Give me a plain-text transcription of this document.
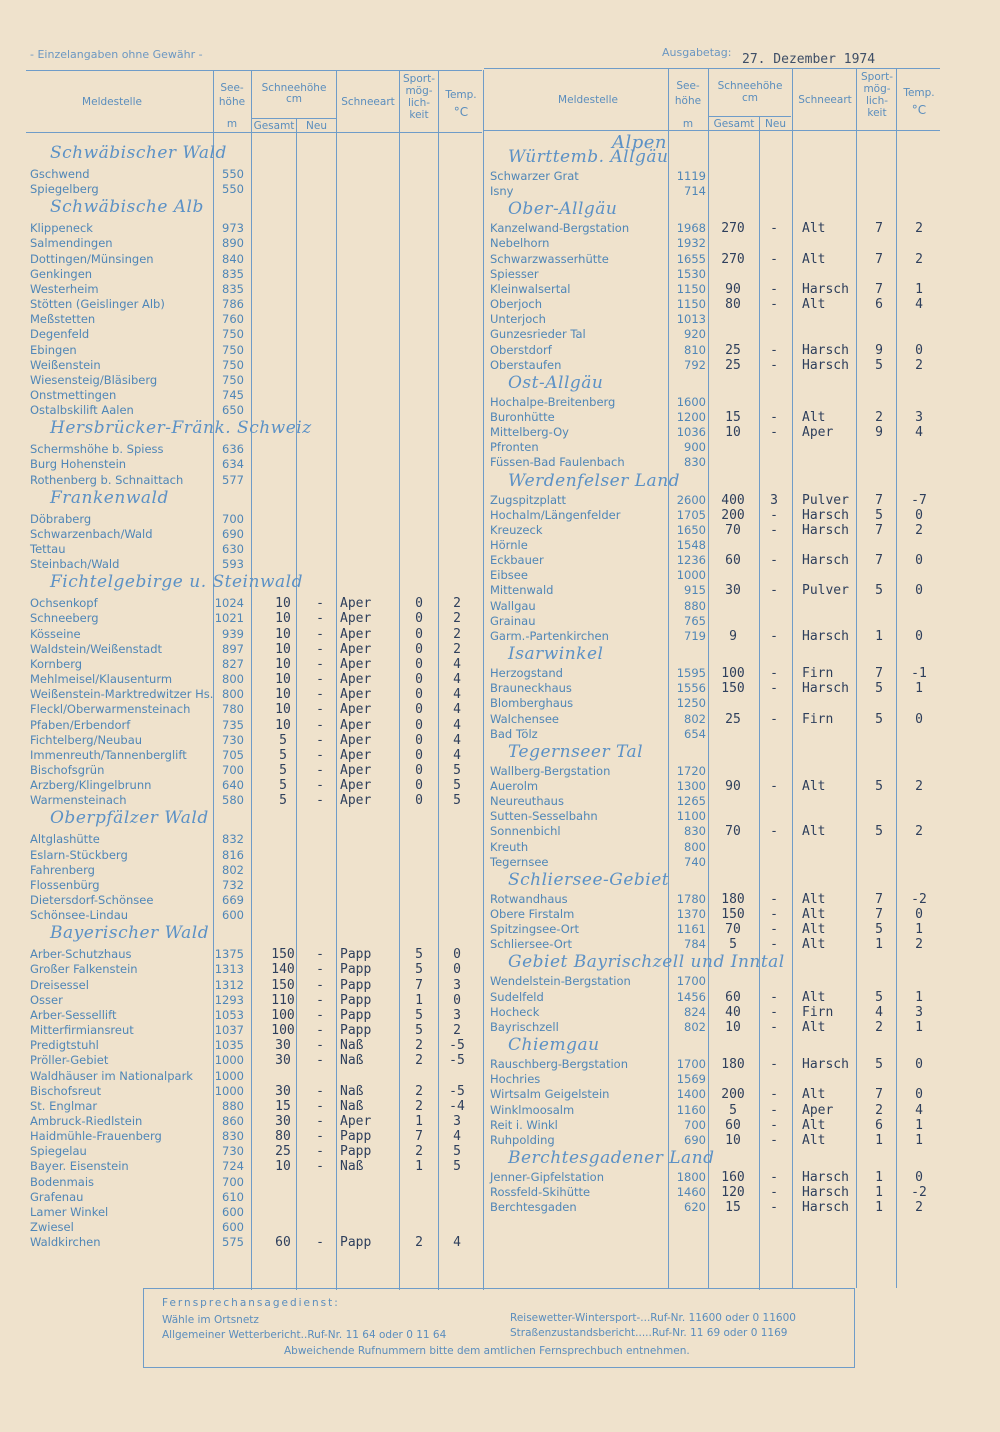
- Einzelangaben ohne Gewähr -	Ausgabetag: 27. Dezember 1974
Meldestelle
See-
höhe
m
Schneehöhe
cm
Gesamt	Neu
Schneeart
Sport-
mög-
lich-
keit
Temp.
°C
Meldestelle
See-
höhe
m
Schneehöhe
cm
Gesamt	Neu
Schneeart
Sport-
mög-
lich-
keit
Temp.
°C
Alpen
Schwäbischer Wald
Gschwend	550
Spiegelberg	550
Schwäbische Alb
Klippeneck	973
Salmendingen	890
Dottingen/Münsingen	840
Genkingen	835
Westerheim	835
Stötten (Geislinger Alb)	786
Meßstetten	760
Degenfeld	750
Ebingen	750
Weißenstein	750
Wiesensteig/Bläsiberg	750
Onstmettingen	745
Ostalbskilift Aalen	650
Hersbrücker-Fränk. Schweiz
Schermshöhe b. Spiess	636
Burg Hohenstein	634
Rothenberg b. Schnaittach	577
Frankenwald
Döbraberg	700
Schwarzenbach/Wald	690
Tettau	630
Steinbach/Wald	593
Fichtelgebirge u. Steinwald
Ochsenkopf	1024	10	-	Aper	0	2
Schneeberg	1021	10	-	Aper	0	2
Kösseine	939	10	-	Aper	0	2
Waldstein/Weißenstadt	897	10	-	Aper	0	2
Kornberg	827	10	-	Aper	0	4
Mehlmeisel/Klausenturm	800	10	-	Aper	0	4
Weißenstein-Marktredwitzer Hs. 800	10	-	Aper	0	4
Fleckl/Oberwarmensteinach	780	10	-	Aper	0	4
Pfaben/Erbendorf	735	10	-	Aper	0	4
Fichtelberg/Neubau	730	5	-	Aper	0	4
Immenreuth/Tannenberglift	705	5	-	Aper	0	4
Bischofsgrün	700	5	-	Aper	0	5
Arzberg/Klingelbrunn	640	5	-	Aper	0	5
Warmensteinach	580	5	-	Aper	0	5
Oberpfälzer Wald
Altglashütte	832
Eslarn-Stückberg	816
Fahrenberg	802
Flossenbürg	732
Dietersdorf-Schönsee	669
Schönsee-Lindau	600
Bayerischer Wald
Arber-Schutzhaus	1375	150	-	Papp	5	0
Großer Falkenstein	1313	140	-	Papp	5	0
Dreisessel	1312	150	-	Papp	7	3
Osser	1293	110	-	Papp	1	0
Arber-Sessellift	1053	100	-	Papp	5	3
Mitterfirmiansreut	1037	100	-	Papp	5	2
Predigtstuhl	1035	30	-	Naß	2	-5
Pröller-Gebiet	1000	30	-	Naß	2	-5
Waldhäuser im Nationalpark 1000
Bischofsreut	1000	30	-	Naß	2	-5
St. Englmar	880	15	-	Naß	2	-4
Ambruck-Riedlstein	860	30	-	Aper	1	3
Haidmühle-Frauenberg	830	80	-	Papp	7	4
Spiegelau	730	25	-	Papp	2	5
Bayer. Eisenstein	724	10	-	Naß	1	5
Bodenmais	700
Grafenau	610
Lamer Winkel	600
Zwiesel	600
Waldkirchen	575	60	-	Papp	2	4
Württemb. Allgäu
Schwarzer Grat	1119
Isny	714
Ober-Allgäu
Kanzelwand-Bergstation	1968	270	-	Alt	7	2
Nebelhorn	1932
Schwarzwasserhütte	1655	270	-	Alt	7	2
Spiesser	1530
Kleinwalsertal	1150	90	-	Harsch	7	1
Oberjoch	1150	80	-	Alt	6	4
Unterjoch	1013
Gunzesrieder Tal	920
Oberstdorf	810	25	-	Harsch	9	0
Oberstaufen	792	25	-	Harsch	5	2
Ost-Allgäu
Hochalpe-Breitenberg	1600
Buronhütte	1200	15	-	Alt	2	3
Mittelberg-Oy	1036	10	-	Aper	9	4
Pfronten	900
Füssen-Bad Faulenbach	830
Werdenfelser Land
Zugspitzplatt	2600	400	3	Pulver	7	-7
Hochalm/Längenfelder	1705	200	-	Harsch	5	0
Kreuzeck	1650	70	-	Harsch	7	2
Hörnle	1548
Eckbauer	1236	60	-	Harsch	7	0
Eibsee	1000
Mittenwald	915	30	-	Pulver	5	0
Wallgau	880
Grainau	765
Garm.-Partenkirchen	719	9	-	Harsch	1	0
Isarwinkel
Herzogstand	1595	100	-	Firn	7	-1
Brauneckhaus	1556	150	-	Harsch	5	1
Blomberghaus	1250
Walchensee	802	25	-	Firn	5	0
Bad Tölz	654
Tegernseer Tal
Wallberg-Bergstation	1720
Auerolm	1300	90	-	Alt	5	2
Neureuthaus	1265
Sutten-Sesselbahn	1100
Sonnenbichl	830	70	-	Alt	5	2
Kreuth	800
Tegernsee	740
Schliersee-Gebiet
Rotwandhaus	1780	180	-	Alt	7	-2
Obere Firstalm	1370	150	-	Alt	7	0
Spitzingsee-Ort	1161	70	-	Alt	5	1
Schliersee-Ort	784	5	-	Alt	1	2
Gebiet Bayrischzell und Inntal
Wendelstein-Bergstation	1700
Sudelfeld	1456	60	-	Alt	5	1
Hocheck	824	40	-	Firn	4	3
Bayrischzell	802	10	-	Alt	2	1
Chiemgau
Rauschberg-Bergstation	1700	180	-	Harsch	5	0
Hochries	1569
Wirtsalm Geigelstein	1400	200	-	Alt	7	0
Winklmoosalm	1160	5	-	Aper	2	4
Reit i. Winkl	700	60	-	Alt	6	1
Ruhpolding	690	10	-	Alt	1	1
Berchtesgadener Land
Jenner-Gipfelstation	1800	160	-	Harsch	1	0
Rossfeld-Skihütte	1460	120	-	Harsch	1	-2
Berchtesgaden	620	15	-	Harsch	1	2
Fernsprechansagedienst:
Wähle im Ortsnetz
Allgemeiner Wetterbericht..Ruf-Nr. 11 64 oder 0 11 64
Reisewetter-Wintersport-...Ruf-Nr. 11600 oder 0 11600
Straßenzustandsbericht.....Ruf-Nr. 11 69 oder 0 1169
Abweichende Rufnummern bitte dem amtlichen Fernsprechbuch entnehmen.
